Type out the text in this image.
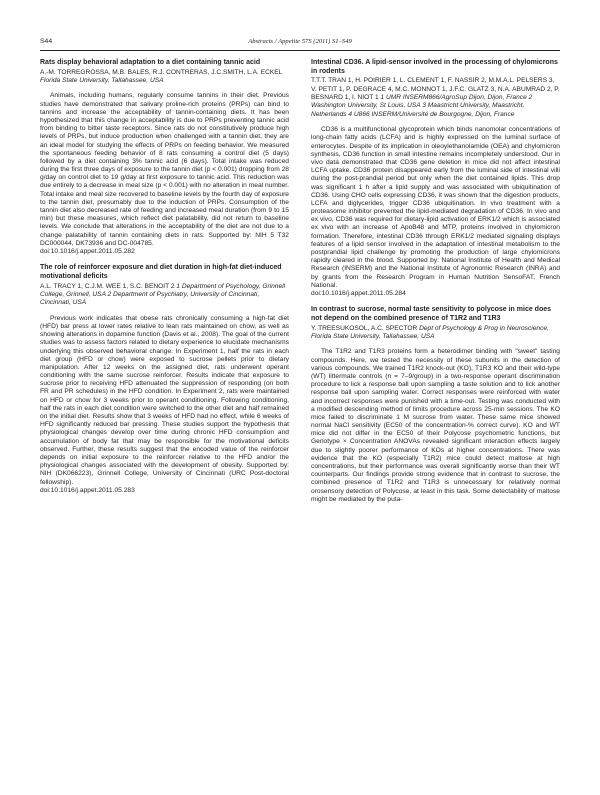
S44	Abstracts / Appetite 57S (2011) S1–S49
Rats display behavioral adaptation to a diet containing tannic acid
A.-M. TORREGROSSA, M.B. BALES, R.J. CONTRERAS, J.C.SMITH, L.A. ECKEL Florida State University, Tallahassee, USA

Animals, including humans, regularly consume tannins in their diet. Previous studies have demonstrated that salivary proline-rich proteins (PRPs) can bind to tannins and increase the acceptability of tannin-containing diets. It has been hypothesized that this change in acceptability is due to PRPs preventing tannic acid from binding to bitter taste receptors. Since rats do not constitutively produce high levels of PRPs, but induce production when challenged with a tannin diet, they are an ideal model for studying the effects of PRPs on feeding behavior. We measured the spontaneous feeding behavior of 8 rats consuming a control diet (5 days) followed by a diet containing 3% tannic acid (6 days). Total intake was reduced during the first three days of exposure to the tannin diet (p < 0.001) dropping from 28 g/day on control diet to 19 g/day at first exposure to tannic acid. This reduction was due entirely to a decrease in meal size (p < 0.001) with no alteration in meal number. Total intake and meal size recovered to baseline levels by the fourth day of exposure to the tannin diet, presumably due to the induction of PRPs. Consumption of the tannin diet also decreased rate of feeding and increased meal duration (from 9 to 15 min) but these measures, which reflect diet palatability, did not return to baseline levels. We conclude that alterations in the acceptability of the diet are not due to a change palatability of tannin containing diets in rats. Supported by: NIH 5 T32 DC000044, DK73936 and DC-004785.

doi:10.1016/j.appet.2011.05.282
The role of reinforcer exposure and diet duration in high-fat diet-induced motivational deficits
A.L. TRACY 1, C.J.M. WEE 1, S.C. BENOIT 2 1 Department of Psychology, Grinnell College, Grinnell, USA 2 Department of Psychiatry, University of Cincinnati, Cincinnati, USA

Previous work indicates that obese rats chronically consuming a high-fat diet (HFD) bar press at lower rates relative to lean rats maintained on chow, as well as showing alterations in dopamine function (Davis et al., 2008). The goal of the current studies was to assess factors related to dietary experience to elucidate mechanisms underlying this observed behavioral change. In Experiment 1, half the rats in each diet group (HFD or chow) were exposed to sucrose pellets prior to dietary manipulation. After 12 weeks on the assigned diet, rats underwent operant conditioning with the same sucrose reinforcer. Results indicate that exposure to sucrose prior to receiving HFD attenuated the suppression of responding (on both FR and PR schedules) in the HFD condition. In Experiment 2, rats were maintained on HFD or chow for 3 weeks prior to operant conditioning. Following conditioning, half the rats in each diet condition were switched to the other diet and half remained on the initial diet. Results show that 3 weeks of HFD had no effect, while 6 weeks of HFD significantly reduced bar pressing. These studies support the hypothesis that physiological changes develop over time during chronic HFD consumption and accumulation of body fat that may be responsible for the motivational deficits observed. Further, these results suggest that the encoded value of the reinforcer depends on initial exposure to the reinforcer relative to the HFD and/or the physiological changes associated with the development of obesity. Supported by: NIH (DK066223), Grinnell College, University of Cincinnati (URC Post-doctoral fellowship).

doi:10.1016/j.appet.2011.05.283
Intestinal CD36. A lipid-sensor involved in the processing of chylomicrons in rodents
T.T.T. TRAN 1, H. POIRIER 1, L. CLEMENT 1, F. NASSIR 2, M.M.A.L. PELSERS 3, V. PETIT 1, P. DEGRACE 4, M.C. MONNOT 1, J.F.C. GLATZ 3, N.A. ABUMRAD 2, P. BESNARD 1, I. NIOT 1 1 UMR INSERM866/AgroSup Dijon, Dijon, France 2 Washington University, St Louis, USA 3 Maastricht University, Maastricht, Netherlands 4 U866 INSERM/Université de Bourgogne, Dijon, France

CD36 is a multifunctional glycoprotein which binds nanomolar concentrations of long-chain fatty acids (LCFA) and is highly expressed on the luminal surface of enterocytes. Despite of its implication in oleoylethanolamide (OEA) and chylomicron synthesis, CD36 function in small intestine remains incompletely understood. Our in vivo data demonstrated that CD36 gene deletion in mice did not affect intestinal LCFA uptake. CD36 protein disappeared early from the luminal side of intestinal villi during the post-prandial period but only when the diet contained lipids. This drop was significant 1 h after a lipid supply and was associated with ubiquitination of CD36. Using CHO cells expressing CD36, it was shown that the digestion products, LCFA and diglycerides, trigger CD36 ubiquitination. In vivo treatment with a proteasome inhibitor prevented the lipid-mediated degradation of CD36. In vivo and ex vivo, CD36 was required for dietary-lipid activation of ERK1/2 which is associated ex vivo with an increase of ApoB48 and MTP, proteins involved in chylomicron formation. Therefore, intestinal CD36 through ERK1/2 mediated signaling displays features of a lipid sensor involved in the adaptation of intestinal metabolism to the postprandial lipid challenge by promoting the production of large chylomicrons rapidly cleared in the blood. Supported by: National Institute of Health and Medical Research (INSERM) and the National Institute of Agronomic Research (INRA) and by grants from the Research Program in Human Nutrition SensoFAT, French National.

doi:10.1016/j.appet.2011.05.284
In contrast to sucrose, normal taste sensitivity to polycose in mice does not depend on the combined presence of T1R2 and T1R3
Y. TREESUKOSOL, A.C. SPECTOR Dept of Psychology & Prog in Neuroscience, Florida State University, Tallahassee, USA

The T1R2 and T1R3 proteins form a heterodimer binding with "sweet" tasting compounds. Here, we tested the necessity of these subunits in the detection of various compounds. We trained T1R2 knock-out (KO), T1R3 KO and their wild-type (WT) littermate controls (n = 7–9/group) in a two-response operant discrimination procedure to lick a response ball upon sampling a taste solution and to lick another response ball upon sampling water. Correct responses were reinforced with water and incorrect responses were punished with a time-out. Testing was conducted with a modified descending method of limits procedure across 25-min sessions. The KO mice failed to discriminate 1 M sucrose from water. These same mice showed normal NaCl sensitivity (EC50 of the concentration-% correct curve). KO and WT mice did not differ in the EC50 of their Polycose psychometric functions, but Genotype × Concentration ANOVAs revealed significant interaction effects largely due to slightly poorer performance of KOs at higher concentrations. There was evidence that the KO (especially T1R2) mice could detect maltose at high concentrations, but their performance was overall significantly worse than their WT counterparts. Our findings provide strong evidence that in contrast to sucrose, the combined presence of T1R2 and T1R3 is unnecessary for relatively normal orosensory detection of Polycose, at least in this task. Some detectability of maltose might be mediated by the puta-
